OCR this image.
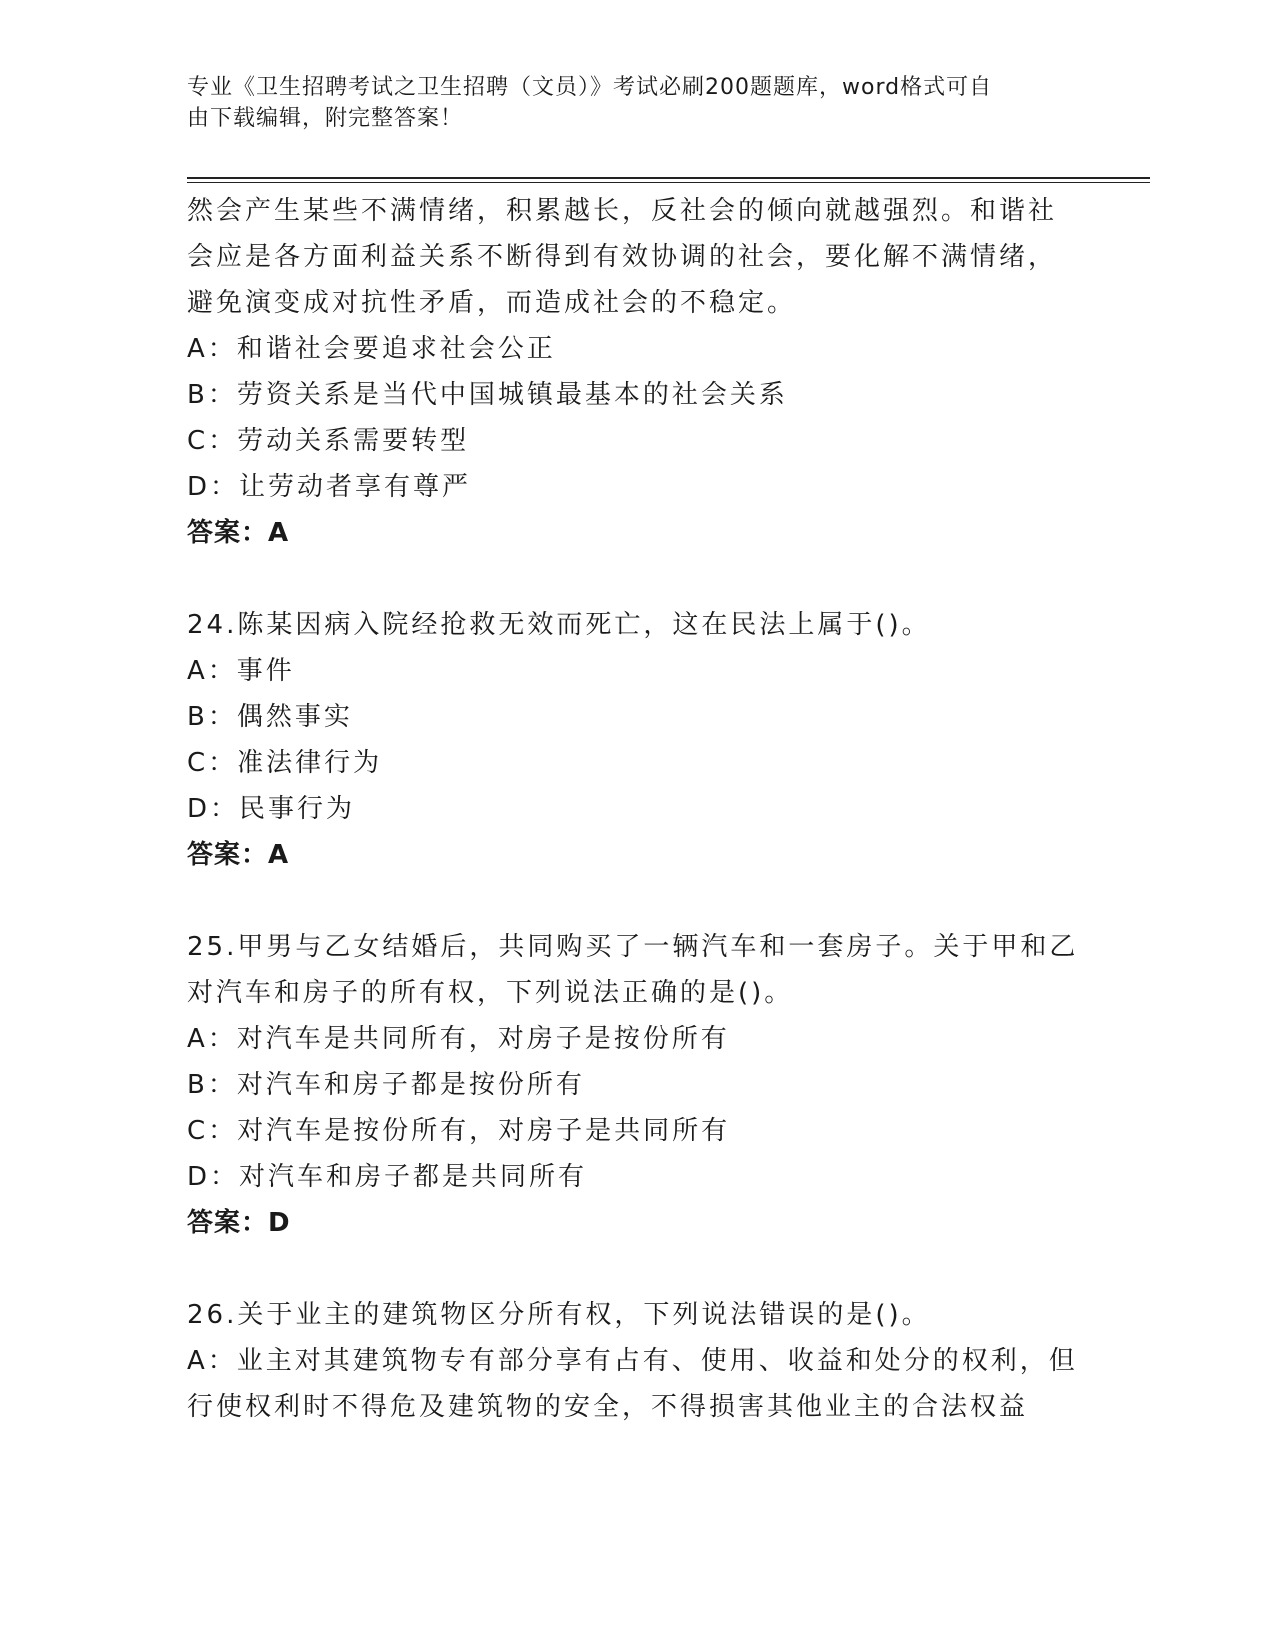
专业《卫生招聘考试之卫生招聘（文员）》考试必刷200题题库，word格式可自
由下载编辑，附完整答案！
然会产生某些不满情绪，积累越长，反社会的倾向就越强烈。和谐社
会应是各方面利益关系不断得到有效协调的社会，要化解不满情绪，
避免演变成对抗性矛盾，而造成社会的不稳定。
A：和谐社会要追求社会公正
B：劳资关系是当代中国城镇最基本的社会关系
C：劳动关系需要转型
D：让劳动者享有尊严
答案：A
24.陈某因病入院经抢救无效而死亡，这在民法上属于()。
A：事件
B：偶然事实
C：准法律行为
D：民事行为
答案：A
25.甲男与乙女结婚后，共同购买了一辆汽车和一套房子。关于甲和乙
对汽车和房子的所有权，下列说法正确的是()。
A：对汽车是共同所有，对房子是按份所有
B：对汽车和房子都是按份所有
C：对汽车是按份所有，对房子是共同所有
D：对汽车和房子都是共同所有
答案：D
26.关于业主的建筑物区分所有权，下列说法错误的是()。
A：业主对其建筑物专有部分享有占有、使用、收益和处分的权利，但
行使权利时不得危及建筑物的安全，不得损害其他业主的合法权益
